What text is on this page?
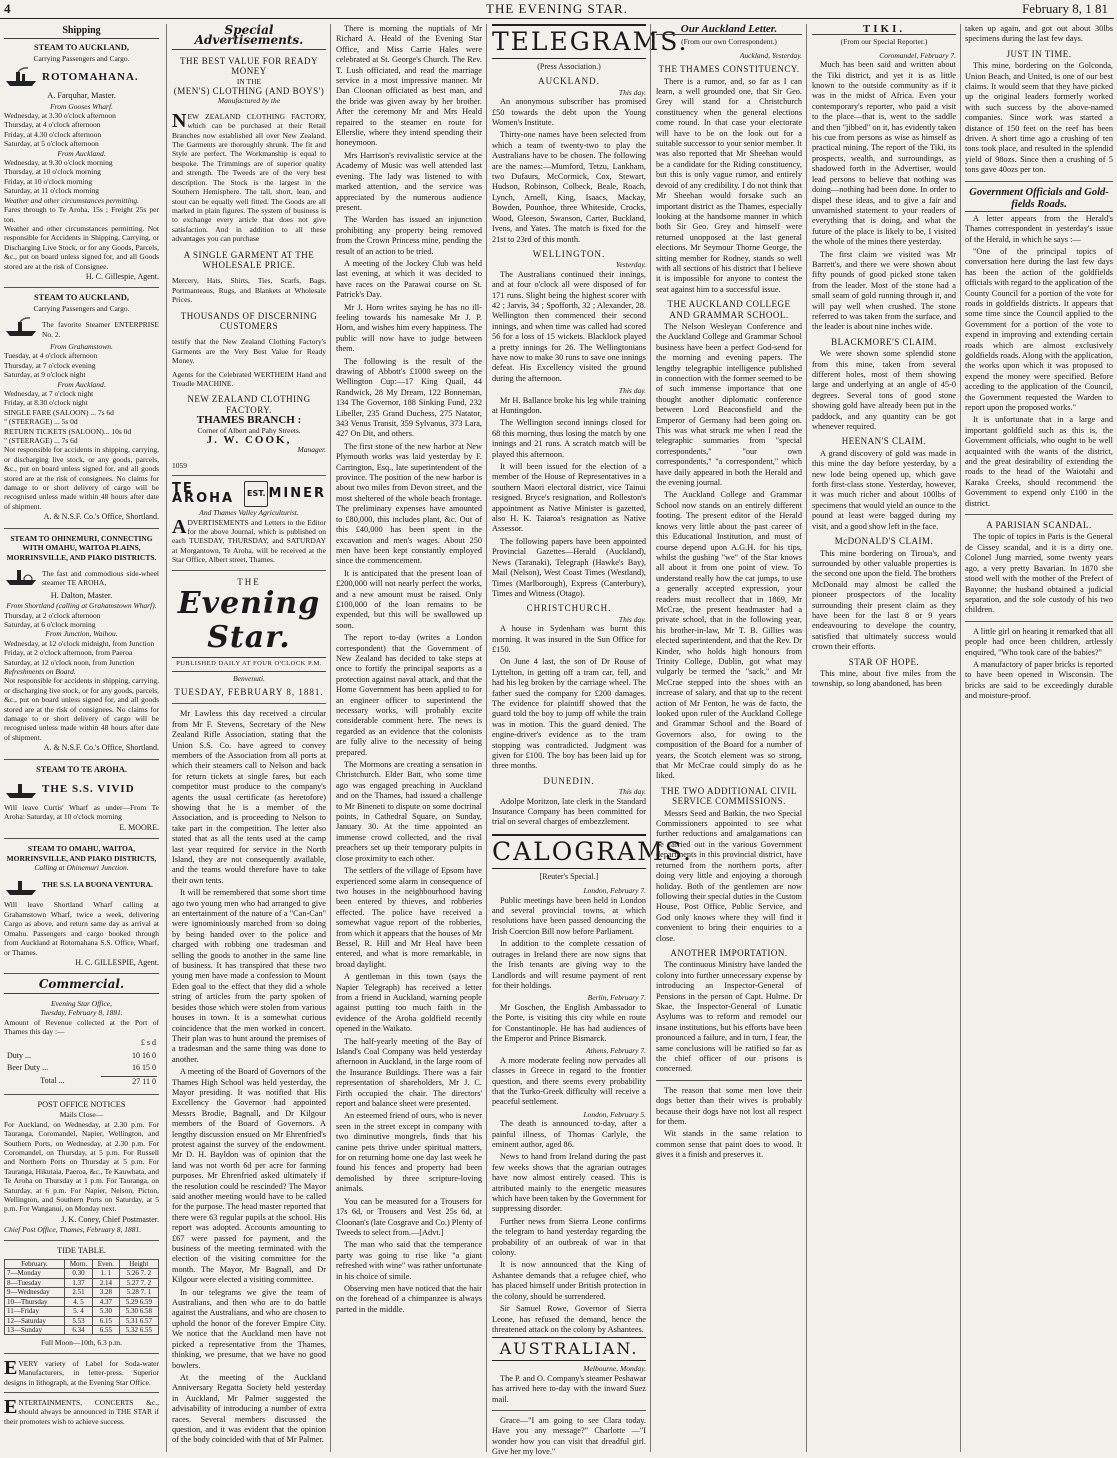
4	THE EVENING STAR.	February 8, 1 81
Shipping
STEAM TO AUCKLAND,
Carrying Passengers and Cargo.
ROTOMAHANA.
A. Farquhar, Master.
From Gooses Wharf.
Wednesday, at 3.30 o'clock afternoon
Thursday, at 4 o'clock afternoon
Friday, at 4.30 o'clock afternoon
Saturday, at 5 o'clock afternoon
From Auckland.
Wednesday, at 9.30 o'clock morning
Thursday, at 10 o'clock morning
Friday, at 10 o'clock morning
Saturday, at 11 o'clock morning
Weather and other circumstances permitting.
Fares through to Te Aroha, 15s ; Freight 25s per ton.
Weather and other circumstances permitting. Not responsible for Accidents in Shipping, Carrying, or Discharging Live Stock, or for any Goods, Parcels, &c., put on board unless signed for, and all Goods stored are at the risk of Consignee.
H. C. Gillespie, Agent.
STEAM TO AUCKLAND,
Carrying Passengers and Cargo.
The favorite Steamer ENTERPRISE No. 2.
From Grahamstown.
Tuesday, at 4 o'clock afternoon
Thursday, at 7 o'clock evening
Saturday, at 9 o'clock night
From Auckland.
Wednesday, at 7 o'clock night
Friday, at 8.30 o'clock night
SINGLE FARE (SALOON) ... 7s 6d
" (STEERAGE) ... 5s 0d
RETURN TICKETS (SALOON)... 10s 0d
" (STEERAGE) ... 7s 6d
Not responsible for accidents in shipping, carrying, or discharging live stock, or any goods, parcels, &c., put on board unless signed for, and all goods stored are at the risk of consignees. No claims for damage to or short delivery of cargo will be recognised unless made within 48 hours after date of shipment.
A. & N.S.F. Co.'s Office, Shortland.
STEAM TO OHINEMURI, CONNECTING WITH OMAHU, WAITOA PLAINS, MORRINSVILLE, AND PIAKO DISTRICTS.
The fast and commodious side-wheel steamer TE AROHA,
H. Dalton, Master.
From Shortland (calling at Grahamstown Wharf).
Thursday, at 2 o'clock afternoon
Saturday, at 6 o'clock morning
From Junction, Waihou.
Wednesday, at 12 o'clock midnight, from Junction
Friday, at 2 o'clock afternoon, from Paeroa
Saturday, at 12 o'clock noon, from Junction
Refreshments on Board.
Not responsible for accidents in shipping, carrying, or discharging live stock, or for any goods, parcels, &c., put on board unless signed for, and all goods stored are at the risk of consignees. No claims for damage to or short delivery of cargo will be recognised unless made within 48 hours after date of shipment.
A. & N.S.F. Co.'s Office, Shortland.
STEAM TO TE AROHA.
THE S.S. VIVID
Will leave Curtis' Wharf as under—From Te Aroha: Saturday, at 10 o'clock morning
E. MOORE.
STEAM TO OMAHU, WAITOA, MORRINSVILLE, AND PIAKO DISTRICTS,
Calling at Ohinemuri Junction.
THE S.S. LA BUONA VENTURA.
Will leave Shortland Wharf calling at Grahamstown Wharf, twice a week, delivering Cargo as above, and return same day as arrival at Omahu. Passengers and cargo booked through from Auckland at Rotomahana S.S. Office, Wharf, or Thames.
H. C. GILLESPIE, Agent.
Commercial.
Evening Star Office,
Tuesday, February 8, 1881.
Amount of Revenue collected at the Port of Thames this day :—
	£ s d
Duty ...	10 16 0
Beer Duty ...	16 15 0
Total ...	27 11 0
POST OFFICE NOTICES
Mails Close—
For Auckland, on Wednesday, at 2.30 p.m. For Tauranga, Coromandel, Napier, Wellington, and Southern Ports, on Wednesday, at 2.30 p.m. For Coromandel, on Thursday, at 5 p.m. For Russell and Northern Ports on Thursday at 5 p.m. For Tauranga, Hikutaia, Paeroa, &c., Te Kauwhata, and Te Aroha on Thursday at 1 p.m. For Tauranga, on Saturday, at 6 p.m. For Napier, Nelson, Picton, Wellington, and Southern Ports on Saturday, at 5 p.m. For Wanganui, on Monday next.
J. K. Coney, Chief Postmaster.
Chief Post Office, Thames, February 8, 1881.
TIDE TABLE.
February.	Morn.	Even.	Height
7—Monday	0.30	1. 1	5.26 7. 2
8—Tuesday	1.37	2.14	5.27 7. 2
9—Wednesday	2.51	3.28	5.28 7. 1
10—Thursday	4. 5	4.37	5.29 6.59
11—Friday	5. 4	5.30	5.30 6.58
12—Saturday	5.53	6.15	5.31 6.57
13—Sunday	6.34	6.55	5.32 6.55
Full Moon—10th, 6.3 p.m.
EVERY variety of Label for Soda-water Manufacturers, in letter-press. Superior designs in lithograph, at the Evening Star Office.
ENTERTAINMENTS, CONCERTS &c., should always be announced in THE STAR if their promoters wish to achieve success.
Special Advertisements.
THE BEST VALUE FOR READY MONEY
IN THE
(MEN'S) CLOTHING (AND BOYS')
Manufactured by the
NEW ZEALAND CLOTHING FACTORY, which can be purchased at their Retail Branches now established all over New Zealand. The Garments are thoroughly shrunk. The fit and Style are perfect. The Workmanship is equal to bespoke. The Trimmings are of superior quality and strength. The Tweeds are of the very best description. The Stock is the largest in the Southern Hemisphere. The tall, short, lean, and stout can be equally well fitted. The Goods are all marked in plain figures. The system of business is to exchange every article that does not give satisfaction. And in addition to all these advantages you can purchase
A SINGLE GARMENT AT THE WHOLESALE PRICE.
Mercery, Hats, Shirts, Ties, Scarfs, Bags, Portmanteaus, Rugs, and Blankets at Wholesale Prices.
THOUSANDS OF DISCERNING CUSTOMERS
testify that the New Zealand Clothing Factory's Garments are the Very Best Value for Ready Money.
Agents for the Celebrated WERTHEIM Hand and Treadle MACHINE.
NEW ZEALAND CLOTHING FACTORY.
THAMES BRANCH :
Corner of Albert and Pahy Streets.
J. W. COOK,
Manager.
1059
TE AROHA	EST. MINER
And Thames Valley Agriculturist.
ADVERTISEMENTS and Letters to the Editor for the above Journal, which is published on each TUESDAY, THURSDAY, and SATURDAY at Morgantown, Te Aroha, will be received at the Star Office, Albert street, Thames.
THE
Evening Star.
PUBLISHED DAILY AT FOUR O'CLOCK P.M.
Benvenuti.
TUESDAY, FEBRUARY 8, 1881.

Mr Lawless this day received a circular from Mr F. Stevens, Secretary of the New Zealand Rifle Association, stating that the Union S.S. Co. have agreed to convey members of the Association from all ports at which their steamers call to Nelson and back for return tickets at single fares, but each competitor must produce to the company's agents the usual certificate (as heretofore) showing that he is a member of the Association, and is proceeding to Nelson to take part in the competition. The letter also stated that as all the tents used at the camp last year required for service in the North Island, they are not consequently available, and the teams would therefore have to take their own tents.

It will be remembered that some short time ago two young men who had arranged to give an entertainment of the nature of a "Can-Can" were ignominiously marched from so doing by being handed over to the police and charged with robbing one tradesman and selling the goods to another in the same line of business. It has transpired that these two young men have made a confession to Mount Eden goal to the effect that they did a whole string of articles from the party spoken of besides those which were stolen from various houses in town. It is a somewhat curious coincidence that the men worked in concert. Their plan was to hunt around the premises of a tradesman and the same thing was done to another.

A meeting of the Board of Governors of the Thames High School was held yesterday, the Mayor presiding. It was notified that His Excellency the Governor had appointed Messrs Brodie, Bagnall, and Dr Kilgour members of the Board of Governors. A lengthy discussion ensued on Mr Ehrenfried's protest against the survey of the endowment. Mr D. H. Bayldon was of opinion that the land was not worth 6d per acre for farming purposes. Mr Ehrenfried asked ultimately if the resolution could be rescinded? The Mayor said another meeting would have to be called for the purpose. The head master reported that there were 63 regular pupils at the school. His report was adopted. Accounts amounting to £67 were passed for payment, and the business of the meeting terminated with the election of the visiting committee for the month. The Mayor, Mr Bagnall, and Dr Kilgour were elected a visiting committee.

In our telegrams we give the team of Australians, and then who are to do battle against the Australians, and who are chosen to uphold the honor of the forever Empire City. We notice that the Auckland men have not picked a representative from the Thames, thinking, we presume, that we have no good bowlers.

At the meeting of the Auckland Anniversary Regatta Society held yesterday in Auckland, Mr Palmer suggested the advisability of introducing a number of extra races. Several members discussed the question, and it was evident that the opinion of the body coincided with that of Mr Palmer.

There is morning the nuptials of Mr Richard A. Heald of the Evening Star Office, and Miss Carrie Hales were celebrated at St. George's Church. The Rev. T. Lush officiated, and read the marriage service in a most impressive manner. Mr Dan Cloonan officiated as best man, and the bride was given away by her brother. After the ceremony Mr and Mrs Heald repaired to the steamer en route for Ellerslie, where they intend spending their honeymoon.

Mrs Harrison's revivalistic service at the Academy of Music was well attended last evening. The lady was listened to with marked attention, and the service was appreciated by the numerous audience present.

The Warden has issued an injunction prohibiting any property being removed from the Crown Princess mine, pending the result of an action to be tried.

A meeting of the Jockey Club was held last evening, at which it was decided to have races on the Parawai course on St. Patrick's Day.

Mr J. Horn writes saying he has no ill-feeling towards his namesake Mr J. P. Horn, and wishes him every happiness. The public will now have to judge between them.

The following is the result of the drawing of Abbott's £1000 sweep on the Wellington Cup:—17 King Quail, 44 Randwick, 28 My Dream, 122 Bonneman, 134 The Governor, 188 Sinking Fund, 232 Libeller, 235 Grand Duchess, 275 Natator, 343 Venus Transit, 359 Sylvanus, 373 Lara, 427 On Dit, and others.

The first stone of the new harbor at New Plymouth works was laid yesterday by F. Carrington, Esq., late superintendent of the province. The position of the new harbor is about two miles from Devon street, and the most sheltered of the whole beach frontage. The preliminary expenses have amounted to £80,000, this includes plant, &c. Out of this £40,000 has been spent in the excavation and men's wages. About 250 men have been kept constantly employed since the commencement.

It is anticipated that the present loan of £200,000 will not nearly perfect the works, and a new amount must be raised. Only £100,000 of the loan remains to be expended, but this will be swallowed up soon.

The report to-day (writes a London correspondent) that the Government of New Zealand has decided to take steps at once to fortify the principal seaports as a protection against naval attack, and that the Home Government has been applied to for an engineer officer to superintend the necessary works, will probably excite considerable comment here. The news is regarded as an evidence that the colonists are fully alive to the necessity of being prepared.

The Mormons are creating a sensation in Christchurch. Elder Batt, who some time ago was engaged preaching in Auckland and on the Thames, had issued a challenge to Mr Bineneti to dispute on some doctrinal points, in Cathedral Square, on Sunday, January 30. At the time appointed an immense crowd collected, and the rival preachers set up their temporary pulpits in close proximity to each other.

The settlers of the village of Epsom have experienced some alarm in consequence of two houses in the neighbourhood having been entered by thieves, and robberies effected. The police have received a somewhat vague report of the robberies, from which it appears that the houses of Mr Bessel, R. Hill and Mr Heal have been entered, and what is more remarkable, in broad daylight.

A gentleman in this town (says the Napier Telegraph) has received a letter from a friend in Auckland, warning people against putting too much faith in the evidence of the Aroha goldfield recently opened in the Waikato.

The half-yearly meeting of the Bay of Island's Coal Company was held yesterday afternoon in Auckland, in the large room of the Insurance Buildings. There was a fair representation of shareholders, Mr J. C. Firth occupied the chair. The directors' report and balance sheet were presented.

An esteemed friend of ours, who is never seen in the street except in company with two diminutive mongrels, finds that his canine pets thrive under spiritual matters, for on returning home one day last week he found his fences and property had been demolished by three scripture-loving animals.

You can be measured for a Trousers for 17s 6d, or Trousers and Vest 25s 6d, at Cloonan's (late Cosgrave and Co.) Plenty of Tweeds to select from.—[Advt.]

The man who said that the temperance party was going to rise like "a giant refreshed with wine" was rather unfortunate in his choice of simile.

Observing men have noticed that the hair on the forehead of a chimpanzee is always parted in the middle.

TELEGRAMS.
(Press Association.)
AUCKLAND.
This day.

An anonymous subscriber has promised £50 towards the debt upon the Young Women's Institute.

Thirty-one names have been selected from which a team of twenty-two to play the Australians have to be chosen. The following are the names:—Mumford, Tetzu, Lankham, two Dufaurs, McCormick, Cox, Stewart, Hudson, Robinson, Colbeck, Beale, Roach, Lynch, Arnell, King, Isaacs, Mackay, Bowden, Pounhoe, three Whiteside, Crocks, Wood, Gleeson, Swanson, Carter, Buckland, Ivens, and Yates. The match is fixed for the 21st to 23rd of this month.

WELLINGTON.
Yesterday.

The Australians continued their innings, and at four o'clock all were disposed of for 171 runs. Slight being the highest scorer with 42 ; Jarvis, 34 ; Spofforth, 32 ; Alexander, 28. Wellington then commenced their second innings, and when time was called had scored 56 for a loss of 15 wickets. Blacklock played a pretty innings for 26. The Wellingtonians have now to make 30 runs to save one innings defeat. His Excellency visited the ground during the afternoon.

This day.

Mr H. Ballance broke his leg while training at Huntingdon.

The Wellington second innings closed for 68 this morning, thus losing the match by one innings and 21 runs. A scratch match will be played this afternoon.

It will been issued for the election of a member of the House of Representatives in a southern Maori electoral district, vice Tainui resigned. Bryce's resignation, and Rolleston's appointment as Native Minister is gazetted, also H. K. Taiaroa's resignation as Native Assessor.

The following papers have been appointed Provincial Gazettes—Herald (Auckland), News (Taranaki), Telegraph (Hawke's Bay), Mail (Nelson), West Coast Times (Westland), Times (Marlborough), Express (Canterbury), Times and Witness (Otago).

CHRISTCHURCH.
This day.

A house in Sydenham was burnt this morning. It was insured in the Sun Office for £150.

On June 4 last, the son of Dr Rouse of Lyttelton, in getting off a tram car, fell, and had his leg broken by the carriage wheel. The father sued the company for £200 damages. The evidence for plaintiff showed that the guard told the boy to jump off while the train was in motion. This the guard denied. The engine-driver's evidence as to the tram stopping was contradicted. Judgment was given for £100. The boy has been laid up for three months.

DUNEDIN.
This day.

Adolpe Moritzon, late clerk in the Standard Insurance Company has been committed for trial on several charges of embezzlement.

CALOGRAMS.
[Reuter's Special.]
London, February 7.

Public meetings have been held in London and several provincial towns, at which resolutions have been passed denouncing the Irish Coercion Bill now before Parliament.

In addition to the complete cessation of outrages in Ireland there are now signs that the Irish tenants are giving way to the Landlords and will resume payment of rent for their holdings.

Berlin, February 7.

Mr Goschen, the English Ambassador to the Porte, is visiting this city while en route for Constantinople. He has had audiences of the Emperor and Prince Bismarck.

Athens, February 7.

A more moderate feeling now pervades all classes in Greece in regard to the frontier question, and there seems every probability that the Turko-Greek difficulty will receive a peaceful settlement.

London, February 5.

The death is announced to-day, after a painful illness, of Thomas Carlyle, the eminent author, aged 86.

News to hand from Ireland during the past few weeks shows that the agrarian outrages have now almost entirely ceased. This is attributed mainly to the energetic measures which have been taken by the Government for suppressing disorder.

Further news from Sierra Leone confirms the telegram to hand yesterday regarding the probability of an outbreak of war in that colony.

It is now announced that the King of Ashantee demands that a refugee chief, who has placed himself under British protection in the colony, should be surrendered.

Sir Samuel Rowe, Governor of Sierra Leone, has refused the demand, hence the threatened attack on the colony by Ashantees.

AUSTRALIAN.
Melbourne, Monday.

The P. and O. Company's steamer Peshawar has arrived here to-day with the inward Suez mail.

Grace—"I am going to see Clara today. Have you any message?" Charlotte —"I wonder how you can visit that dreadful girl. Give her my love."

Our Auckland Letter.
(From our own Correspondent.)
Auckland, Yesterday.
THE THAMES CONSTITUENCY.

There is a rumor, and, so far as I can learn, a well grounded one, that Sir Geo. Grey will stand for a Christchurch constituency when the general elections come round. In that case your electorate will have to be on the look out for a suitable successor to your senior member. It was also reported that Mr Sheehan would be a candidate for the Riding constituency, but this is only vague rumor, and entirely devoid of any credibility. I do not think that Mr Sheehan would forsake such an important district as the Thames, especially looking at the handsome manner in which both Sir Geo. Grey and himself were returned unopposed at the last general elections. Mr Seymour Thorne George, the sitting member for Rodney, stands so well with all sections of his district that I believe it is impossible for anyone to contest the seat against him to a successful issue.

THE AUCKLAND COLLEGE AND GRAMMAR SCHOOL.

The Nelson Wesleyan Conference and the Auckland College and Grammar School business have been a perfect God-send for the morning and evening papers. The lengthy telegraphic intelligence published in connection with the former seemed to be of such immense importance that one thought another diplomatic conference between Lord Beaconsfield and the Emperor of Germany had been going on. This was what struck me when I read the telegraphic summaries from "special correspondents," "our own correspondents," "a correspondent," which have daily appeared in both the Herald and the evening journal.

The Auckland College and Grammar School now stands on an entirely different footing. The present editor of the Herald knows very little about the past career of this Educational Institution, and must of course depend upon A.G.H. for his tips, whilst the gushing "we" of the Star knows all about it from one point of view. To understand really how the cat jumps, to use a generally accepted expression, your readers must recollect that in 1869, Mr McCrae, the present headmaster had a private school, that in the following year, his brother-in-law, Mr T. B. Gillies was elected superintendent, and that the Rev. Dr Kinder, who holds high honours from Trinity College, Dublin, got what may vulgarly be termed the "sack," and Mr McCrae stepped into the shoes with an increase of salary, and that up to the recent action of Mr Fenton, he was de facto, the looked upon ruler of the Auckland College and Grammar School and the Board of Governors also, for owing to the composition of the Board for a number of years, the Scotch element was so strong, that Mr McCrae could simply do as he liked.

THE TWO ADDITIONAL CIVIL SERVICE COMMISSIONS.

Messrs Seed and Batkin, the two Special Commissioners appointed to see what further reductions and amalgamations can be carried out in the various Government departments in this provincial district, have returned from the northern ports, after doing very little and enjoying a thorough holiday. Both of the gentlemen are now following their special duties in the Custom House, Post Office, Public Service, and God only knows where they will find it convenient to bring their enquiries to a close.

ANOTHER IMPORTATION.

The continuous Ministry have landed the colony into further unnecessary expense by introducing an Inspector-General of Pensions in the person of Capt. Hulme. Dr Skae, the Inspector-General of Lunatic Asylums was to reform and remodel our insane institutions, but his efforts have been pronounced a failure, and in turn, I fear, the same conclusions will be ratified so far as the chief officer of our prisons is concerned.

The reason that some men love their dogs better than their wives is probably because their dogs have not lost all respect for them.

Wit stands in the same relation to common sense that paint does to wood. It gives it a finish and preserves it.

TIKI.
(From our Special Reporter.)
Coromandel, February 7.

Much has been said and written about the Tiki district, and yet it is as little known to the outside community as if it was in the midst of Africa. Even your contemporary's reporter, who paid a visit to the place—that is, went to the saddle and then "jibbed" on it, has evidently taken his cue from persons as wise as himself as practical mining. The report of the Tiki, its prospects, wealth, and surroundings, as shadowed forth in the Advertiser, would lead persons to believe that nothing was doing—nothing had been done. In order to dispel these ideas, and to give a fair and unvarnished statement to your readers of everything that is doing, and what the future of the place is likely to be, I visited the whole of the mines there yesterday.

The first claim we visited was Mr Barrett's, and there we were shown about fifty pounds of good picked stone taken from the leader. Most of the stone had a small seam of gold running through it, and will pay well when crushed. The stone referred to was taken from the surface, and the leader is about nine inches wide.

BLACKMORE'S CLAIM.

We were shown some splendid stone from this mine, taken from several different holes, most of them showing large and underlying at an angle of 45-0 degrees. Several tons of good stone showing gold have already been put in the paddock, and any quantity can be got whenever required.

HEENAN'S CLAIM.

A grand discovery of gold was made in this mine the day before yesterday, by a new lode being opened up, which gave forth first-class stone. Yesterday, however, it was much richer and about 100lbs of specimens that would yield an ounce to the pound at least were bagged during my visit, and a good show left in the face.

McDONALD'S CLAIM.

This mine bordering on Tiroua's, and surrounded by other valuable properties is the second one upon the field. The brothers McDonald may almost be called the pioneer prospectors of the locality surrounding their present claim as they have been for the last 8 or 9 years endeavouring to develope the country, satisfied that ultimately success would crown their efforts.

STAR OF HOPE.

This mine, about five miles from the township, so long abandoned, has been

taken up again, and got out about 30lbs specimens during the last few days.

JUST IN TIME.

This mine, bordering on the Golconda, Union Beach, and United, is one of our best claims. It would seem that they have picked up the original leaders formerly worked with such success by the above-named companies. Since work was started a distance of 150 feet on the reef has been driven. A short time ago a crushing of ten tons took place, and resulted in the splendid yield of 98ozs. Since then a crushing of 5 tons gave 40ozs per ton.

Government Officials and Gold-fields Roads.

A letter appears from the Herald's Thames correspondent in yesterday's issue of the Herald, in which he says :—

"One of the principal topics of conversation here during the last few days has been the action of the goldfields officials with regard to the application of the County Council for a portion of the vote for roads in goldfields districts. It appears that some time since the Council applied to the Government for a portion of the vote to expend in improving and extending certain roads which are almost exclusively goldfields roads. Along with the application, the works upon which it was proposed to expend the money were specified. Before acceding to the application of the Council, the Government requested the Warden to report upon the proposed works."

It is unfortunate that in a large and important goldfield such as this is, the Government officials, who ought to be well acquainted with the wants of the district, and the great desirability of extending the roads to the head of the Waiotahi and Karaka Creeks, should recommend the Government to expend only £100 in the district.

A PARISIAN SCANDAL.

The topic of topics in Paris is the General de Cissey scandal, and it is a dirty one. Colonel Jung married, some twenty years ago, a very pretty Bavarian. In 1870 she stood well with the mother of the Prefect of Bayonne; the husband obtained a judicial separation, and the sole custody of his two children.

A little girl on hearing it remarked that all people had once been children, artlessly enquired, "Who took care of the babies?"

A manufactory of paper bricks is reported to have been opened in Wisconsin. The bricks are said to be exceedingly durable and moisture-proof.
